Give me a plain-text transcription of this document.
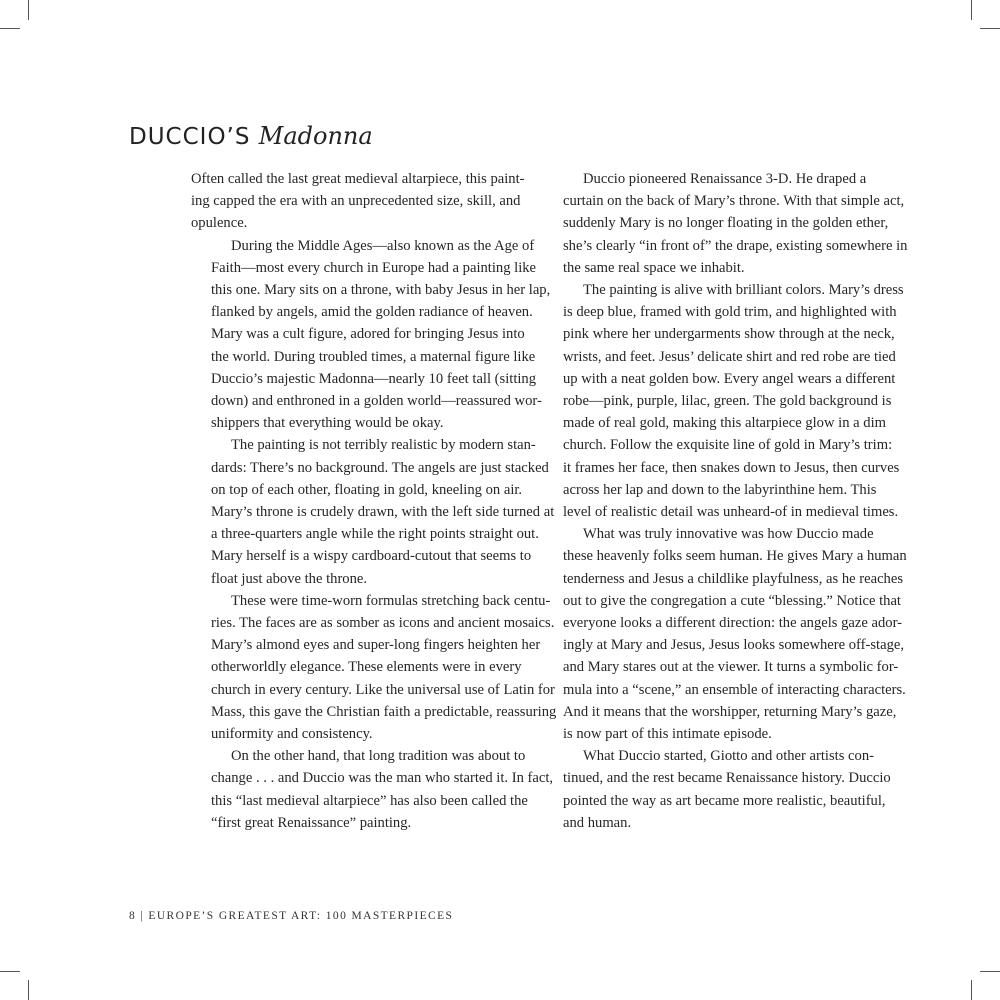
DUCCIO’S Madonna

Often called the last great medieval altarpiece, this paint-
ing capped the era with an unprecedented size, skill, and
opulence.

During the Middle Ages—also known as the Age of
Faith—most every church in Europe had a painting like
this one. Mary sits on a throne, with baby Jesus in her lap,
flanked by angels, amid the golden radiance of heaven.
Mary was a cult figure, adored for bringing Jesus into
the world. During troubled times, a maternal figure like
Duccio’s majestic Madonna—nearly 10 feet tall (sitting
down) and enthroned in a golden world—reassured wor-
shippers that everything would be okay.

The painting is not terribly realistic by modern stan-
dards: There’s no background. The angels are just stacked
on top of each other, floating in gold, kneeling on air.
Mary’s throne is crudely drawn, with the left side turned at
a three-quarters angle while the right points straight out.
Mary herself is a wispy cardboard-cutout that seems to
float just above the throne.

These were time-worn formulas stretching back centu-
ries. The faces are as somber as icons and ancient mosaics.
Mary’s almond eyes and super-long fingers heighten her
otherworldly elegance. These elements were in every
church in every century. Like the universal use of Latin for
Mass, this gave the Christian faith a predictable, reassuring
uniformity and consistency.

On the other hand, that long tradition was about to
change . . . and Duccio was the man who started it. In fact,
this “last medieval altarpiece” has also been called the
“first great Renaissance” painting.

Duccio pioneered Renaissance 3-D. He draped a
curtain on the back of Mary’s throne. With that simple act,
suddenly Mary is no longer floating in the golden ether,
she’s clearly “in front of” the drape, existing somewhere in
the same real space we inhabit.

The painting is alive with brilliant colors. Mary’s dress
is deep blue, framed with gold trim, and highlighted with
pink where her undergarments show through at the neck,
wrists, and feet. Jesus’ delicate shirt and red robe are tied
up with a neat golden bow. Every angel wears a different
robe—pink, purple, lilac, green. The gold background is
made of real gold, making this altarpiece glow in a dim
church. Follow the exquisite line of gold in Mary’s trim:
it frames her face, then snakes down to Jesus, then curves
across her lap and down to the labyrinthine hem. This
level of realistic detail was unheard-of in medieval times.

What was truly innovative was how Duccio made
these heavenly folks seem human. He gives Mary a human
tenderness and Jesus a childlike playfulness, as he reaches
out to give the congregation a cute “blessing.” Notice that
everyone looks a different direction: the angels gaze ador-
ingly at Mary and Jesus, Jesus looks somewhere off-stage,
and Mary stares out at the viewer. It turns a symbolic for-
mula into a “scene,” an ensemble of interacting characters.
And it means that the worshipper, returning Mary’s gaze,
is now part of this intimate episode.

What Duccio started, Giotto and other artists con-
tinued, and the rest became Renaissance history. Duccio
pointed the way as art became more realistic, beautiful,
and human.

8 | EUROPE’S GREATEST ART: 100 MASTERPIECES
